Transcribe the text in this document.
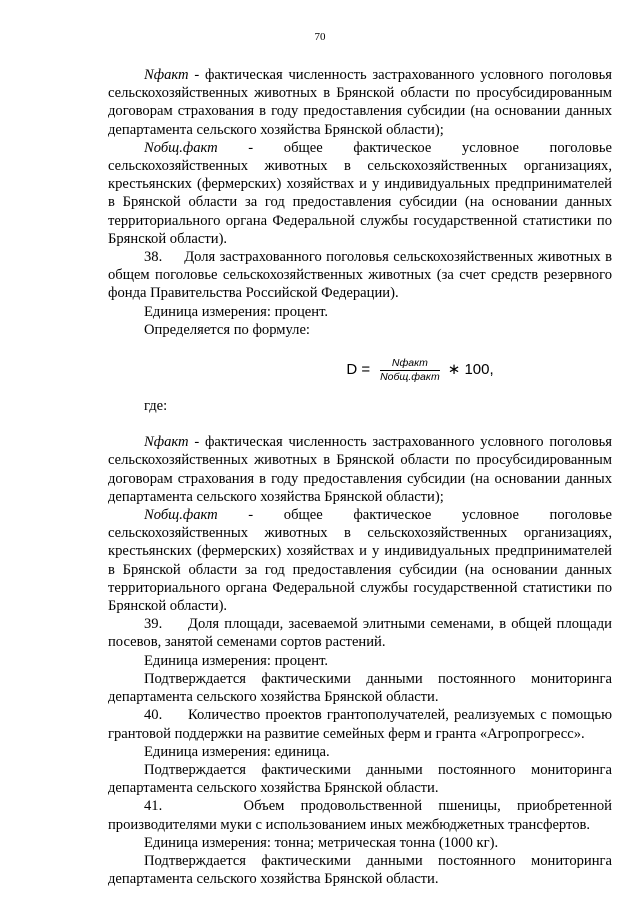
70

Nфакт - фактическая численность застрахованного условного поголовья сельскохозяйственных животных в Брянской области по просубсидированным договорам страхования в году предоставления субсидии (на основании данных департамента сельского хозяйства Брянской области);

Nобщ.факт - общее фактическое условное поголовье сельскохозяйственных животных в сельскохозяйственных организациях, крестьянских (фермерских) хозяйствах и у индивидуальных предпринимателей в Брянской области за год предоставления субсидии (на основании данных территориального органа Федеральной службы государственной статистики по Брянской области).

38. Доля застрахованного поголовья сельскохозяйственных животных в общем поголовье сельскохозяйственных животных (за счет средств резервного фонда Правительства Российской Федерации).

Единица измерения: процент.

Определяется по формуле:

$D = \frac{\text{Nфакт}}{\text{Nобщ.факт}}$ ∗ 100,

где:

Nфакт - фактическая численность застрахованного условного поголовья сельскохозяйственных животных в Брянской области по просубсидированным договорам страхования в году предоставления субсидии (на основании данных департамента сельского хозяйства Брянской области);

Nобщ.факт - общее фактическое условное поголовье сельскохозяйственных животных в сельскохозяйственных организациях, крестьянских (фермерских) хозяйствах и у индивидуальных предпринимателей в Брянской области за год предоставления субсидии (на основании данных территориального органа Федеральной службы государственной статистики по Брянской области).

39. Доля площади, засеваемой элитными семенами, в общей площади посевов, занятой семенами сортов растений.

Единица измерения: процент.

Подтверждается фактическими данными постоянного мониторинга департамента сельского хозяйства Брянской области.

40. Количество проектов грантополучателей, реализуемых с помощью грантовой поддержки на развитие семейных ферм и гранта «Агропрогресс».

Единица измерения: единица.

Подтверждается фактическими данными постоянного мониторинга департамента сельского хозяйства Брянской области.

41.	Объем продовольственной пшеницы, приобретенной производителями муки с использованием иных межбюджетных трансфертов.

Единица измерения: тонна; метрическая тонна (1000 кг).

Подтверждается фактическими данными постоянного мониторинга департамента сельского хозяйства Брянской области.
